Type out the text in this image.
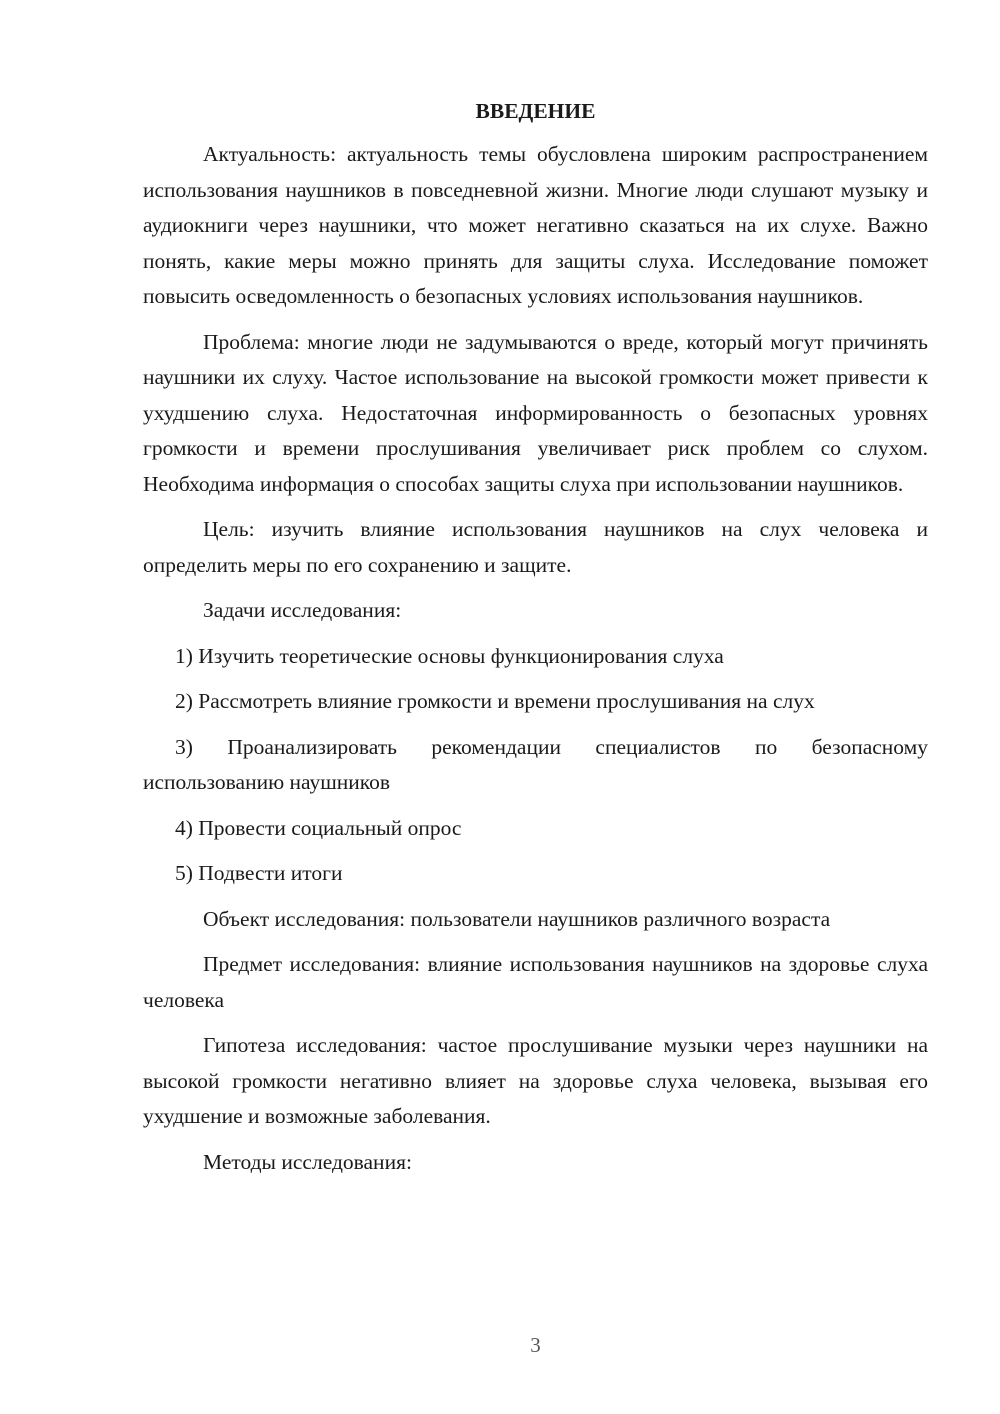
ВВЕДЕНИЕ

Актуальность: актуальность темы обусловлена широким распространением использования наушников в повседневной жизни. Многие люди слушают музыку и аудиокниги через наушники, что может негативно сказаться на их слухе. Важно понять, какие меры можно принять для защиты слуха. Исследование поможет повысить осведомленность о безопасных условиях использования наушников.

Проблема: многие люди не задумываются о вреде, который могут причинять наушники их слуху. Частое использование на высокой громкости может привести к ухудшению слуха. Недостаточная информированность о безопасных уровнях громкости и времени прослушивания увеличивает риск проблем со слухом. Необходима информация о способах защиты слуха при использовании наушников.

Цель: изучить влияние использования наушников на слух человека и определить меры по его сохранению и защите.

Задачи исследования:

1) Изучить теоретические основы функционирования слуха

2) Рассмотреть влияние громкости и времени прослушивания на слух

3) Проанализировать рекомендации специалистов по безопасному использованию наушников

4) Провести социальный опрос

5) Подвести итоги

Объект исследования: пользователи наушников различного возраста

Предмет исследования: влияние использования наушников на здоровье слуха человека

Гипотеза исследования: частое прослушивание музыки через наушники на высокой громкости негативно влияет на здоровье слуха человека, вызывая его ухудшение и возможные заболевания.

Методы исследования:

3
